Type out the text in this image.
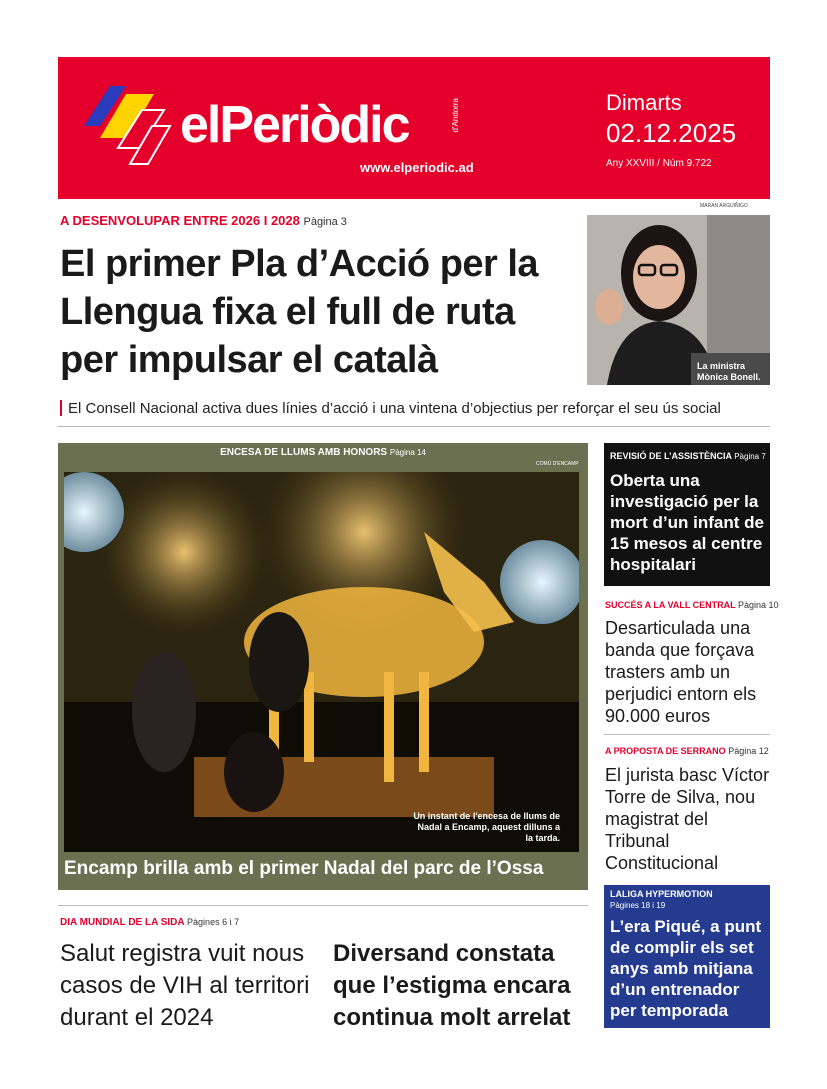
elPeriòdic	d'Andorra
www.elperiodic.ad
Dimarts
02.12.2025
Any XXVIII / Núm 9.722
A DESENVOLUPAR ENTRE 2026 I 2028 Pàgina 3
El primer Pla d’Acció per la Llengua fixa el full de ruta per impulsar el català
MARAN ARGUIÑIGO
La ministra
Mònica Bonell.
El Consell Nacional activa dues línies d’acció i una vintena d’objectius per reforçar el seu ús social
ENCESA DE LLUMS AMB HONORS Pàgina 14
COMÚ D'ENCAMP
Un instant de l'encesa de llums de Nadal a Encamp, aquest dilluns a la tarda.
Encamp brilla amb el primer Nadal del parc de l’Ossa
DIA MUNDIAL DE LA SIDA Pàgines 6 i 7
Salut registra vuit nous casos de VIH al territori durant el 2024
Diversand constata que l’estigma encara continua molt arrelat
REVISIÓ DE L’ASSISTÈNCIA Pàgina 7
Oberta una investigació per la mort d’un infant de 15 mesos al centre hospitalari
SUCCÉS A LA VALL CENTRAL Pàgina 10
Desarticulada una banda que forçava trasters amb un perjudici entorn els 90.000 euros
A PROPOSTA DE SERRANO Pàgina 12
El jurista basc Víctor Torre de Silva, nou magistrat del Tribunal Constitucional
LALIGA HYPERMOTION
Pàgines 18 i 19
L’era Piqué, a punt de complir els set anys amb mitjana d’un entrenador per temporada
